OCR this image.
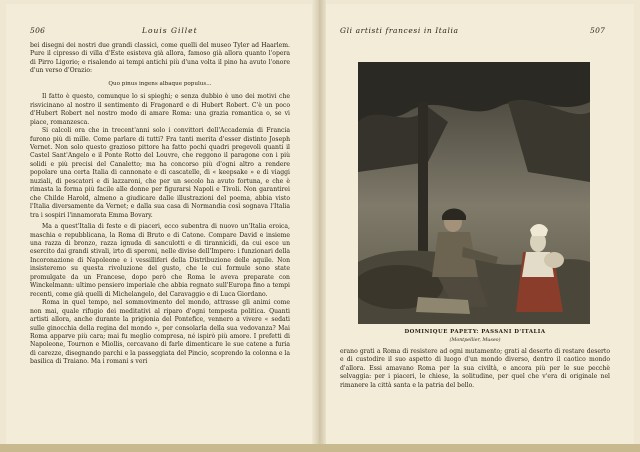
506	Louis Gillet

bei disegni dei nostri due grandi classici, come quelli del museo Tyler ad Haarlem. Pure il cipresso di villa d'Este esisteva già allora, famoso già allora quanto l'opera di Pirro Ligorio; e risalendo ai tempi antichi più d'una volta il pino ha avuto l'onore d'un verso d'Orazio:

Quo pinus ingens albaque populus...

Il fatto è questo, comunque lo si spieghi; e senza dubbio è uno dei motivi che risvicinano al nostro il sentimento di Fragonard e di Hubert Robert. C'è un poco d'Hubert Robert nel nostro modo di amare Roma: una grazia romantica o, se vi piace, romanzesca.

Si calcoli ora che in trecent'anni solo i convittori dell'Accademia di Francia furono più di mille. Come parlare di tutti? Fra tanti merita d'esser distinto Joseph Vernet. Non solo questo grazioso pittore ha fatto pochi quadri pregevoli quanti il Castel Sant'Angelo e il Ponte Rotto del Louvre, che reggono il paragone con i più solidi e più precisi del Canaletto; ma ha concorso più d'ogni altro a rendere popolare una certa Italia di cannonate e di cascatelle, di « keepsake » e di viaggi nuziali, di pescatori e di lazzaroni, che per un secolo ha avuto fortuna, e che è rimasta la forma più facile alle donne per figurarsi Napoli e Tivoli. Non garantirei che Childe Harold, almeno a giudicare dalle illustrazioni del poema, abbia visto l'Italia diversamente da Vernet; e dalla sua casa di Normandia così sognava l'Italia tra i sospiri l'innamorata Emma Bovary.

Ma a quest'Italia di feste e di piaceri, ecco subentra di nuovo un'Italia eroica, maschia e repubblicana, la Roma di Bruto e di Catone. Compare David e insieme una razza di bronzo, razza ignuda di sanculotti e di tirannicidi, da cui esce un esercito dai grandi stivali, irto di speroni, nelle divise dell'Impero: i funzionari della Incoronazione di Napoleone e i vessilliferi della Distribuzione delle aquile. Non insisteremo su questa rivoluzione del gusto, che le cui formule sono state promulgate da un Francese, dopo però che Roma le aveva preparate con Winckelmann: ultimo pensiero imperiale che abbia regnato sull'Europa fino a tempi recenti, come già quelli di Michelangelo, del Caravaggio e di Luca Giordano.

Roma in quel tempo, nel sommovimento del mondo, attrasse gli animi come non mai, quale rifugio dei meditativi al riparo d'ogni tempesta politica. Quanti artisti allora, anche durante la prigionia del Pontefice, vennero a vivere « sedati sulle ginocchia della regina del mondo », per consolarla della sua vedovanza? Mai Roma apparve più cara; mai fu meglio compresa, né ispirò più amore. I prefetti di Napoleone, Tournon e Miollis, cercavano di farle dimenticare le sue catene a furia di carezze, disegnando parchi e la passeggiata del Pincio, scoprendo la colonna e la basilica di Traiano. Ma i romani s veri

Gli artisti francesi in Italia	507
DOMINIQUE PAPETY: PASSANI D'ITALIA
(Montpellier, Museo)

erano grati a Roma di resistere ad ogni mutamento; grati al deserto di restare deserto e di custodire il suo aspetto di luogo d'un mondo diverso, dentro il caotico mondo d'allora. Essi amavano Roma per la sua civiltà, e ancora più per le sue pecchè selvaggia: per i piaceri, le chiese, la solitudine, per quel che v'era di originale nel rimanere la città santa e la patria del bello.
